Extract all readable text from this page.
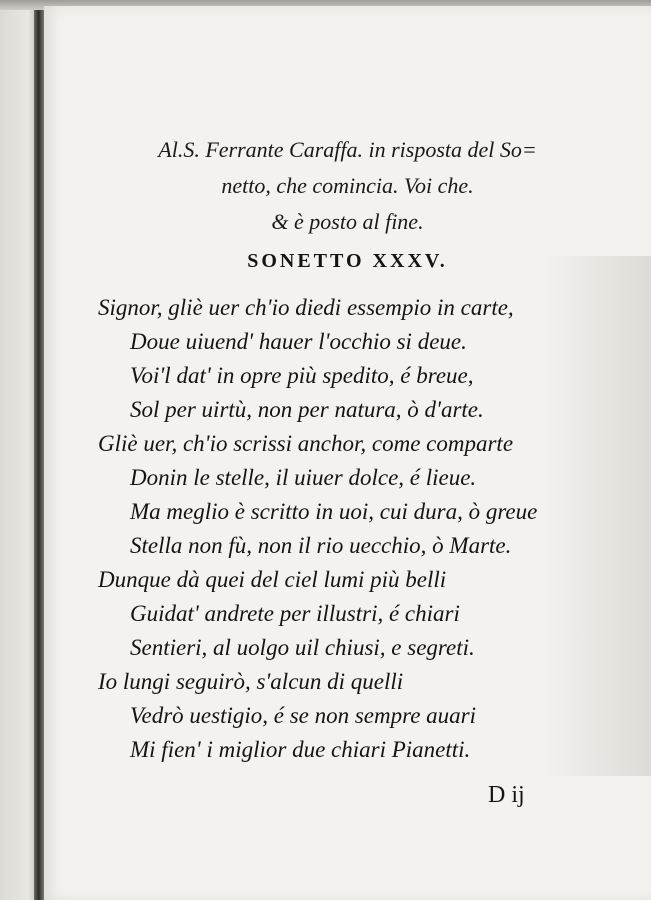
Al.S. Ferrante Caraffa. in risposta del So=
netto, che comincia. Voi che.
& è posto al fine.
SONETTO XXXV.
Signor, gliè uer ch'io diedi essempio in carte,
Doue uiuend' hauer l'occhio si deue.
Voi'l dat' in opre più spedito, é breue,
Sol per uirtù, non per natura, ò d'arte.
Gliè uer, ch'io scrissi anchor, come comparte
Donin le stelle, il uiuer dolce, é lieue.
Ma meglio è scritto in uoi, cui dura, ò greue
Stella non fù, non il rio uecchio, ò Marte.
Dunque dà quei del ciel lumi più belli
Guidat' andrete per illustri, é chiari
Sentieri, al uolgo uil chiusi, e segreti.
Io lungi seguirò, s'alcun di quelli
Vedrò uestigio, é se non sempre auari
Mi fien' i miglior due chiari Pianetti.
D ij
